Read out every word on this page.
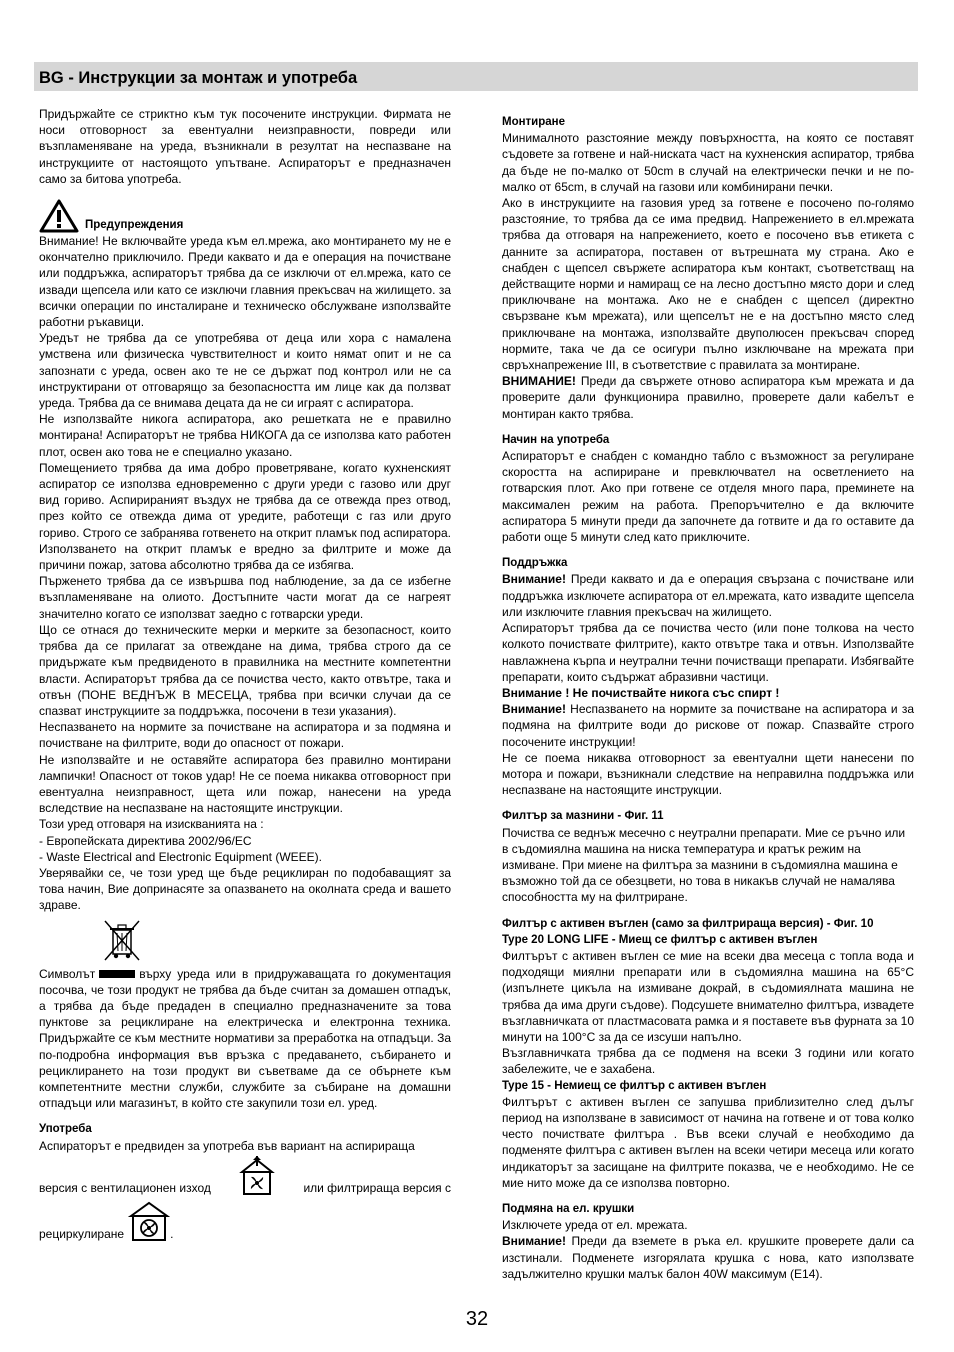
BG - Инструкции за монтаж и употреба

Придържайте се стриктно към тук посочените инструкции. Фирмата не носи отговорност за евентуални неизправности, повреди или възпламеняване на уреда, възникнали в резултат на неспазване на инструкциите от настоящото упътване. Аспираторът е предназначен само за битова употреба.

Предупреждения

Внимание! Не включвайте уреда към ел.мрежа, ако монтирането му не е окончателно приключило. Преди каквато и да е операция на почистване или поддръжка, аспираторът трябва да се изключи от ел.мрежа, като се извади щепсела или като се изключи главния прекъсвач на жилището. за всички операции по инсталиране и техническо обслужване използвайте работни ръкавици.

Уредът не трябва да се употребява от деца или хора с намалена умствена или физическа чувствителност и които нямат опит и не са запознати с уреда, освен ако те не се държат под контрол или не са инструктирани от отговарящо за безопасността им лице как да ползват уреда. Трябва да се внимава децата да не си играят с аспиратора.

Не използвайте никога аспиратора, ако решетката не е правилно монтирана! Аспираторът не трябва НИКОГА да се използва като работен плот, освен ако това не е специално указано.

Помещението трябва да има добро проветряване, когато кухненският аспиратор се използва едновременно с други уреди с газово или друг вид гориво. Аспирираният въздух не трябва да се отвежда през отвод, през който се отвежда дима от уредите, работещи с газ или друго гориво. Строго се забранява готвенето на открит пламък под аспиратора. Използването на открит пламък е вредно за филтрите и може да причини пожар, затова абсолютно трябва да се избягва.

Пърженето трябва да се извършва под наблюдение, за да се избегне възпламеняване на олиото. Достъпните части могат да се нагреят значително когато се използват заедно с готварски уреди.

Що се отнася до техническите мерки и мерките за безопасност, които трябва да се прилагат за отвеждане на дима, трябва строго да се придържате към предвиденото в правилника на местните компетентни власти. Аспираторът трябва да се почиства често, както отвътре, така и отвън (ПОНЕ ВЕДНЪЖ В МЕСЕЦА, трябва при всички случаи да се спазват инструкциите за поддръжка, посочени в тези указания).

Неспазването на нормите за почистване на аспиратора и за подмяна и почистване на филтрите, води до опасност от пожари.

Не използвайте и не оставяйте аспиратора без правилно монтирани лампички! Опасност от токов удар! Не се поема никаква отговорност при евентуална неизправност, щета или пожар, нанесени на уреда вследствие на неспазване на настоящите инструкции.

Този уред отговаря на изискванията на :

- Европейската директива 2002/96/EC

- Waste Electrical and Electronic Equipment (WEEE).

Уверявайки се, че този уред ще бъде рециклиран по подобаващият за това начин, Вие допринасяте за опазването на околната среда и вашето здраве.

Символът	върху уреда или в придружаващата го документация посочва, че този продукт не трябва да бъде считан за домашен отпадък, а трябва да бъде предаден в специално предназначените за това пунктове за рециклиране на електрическа и електронна техника. Придържайте се към местните нормативи за преработка на отпадъци. За по-подробна информация във връзка с предаването, събирането и рециклирането на този продукт ви съветваме да се обърнете към компетентните местни служби, службите за събиране на домашни отпадъци или магазинът, в който сте закупили този ел. уред.

Употреба

Аспираторът е предвиден за употреба във вариант на аспирираща

версия с вентилационен изход	или филтрираща версия с
рециркулиране	.

Монтиране

Минималното разстояние между повърхността, на която се поставят съдовете за готвене и най-ниската част на кухненския аспиратор, трябва да бъде не по-малко от 50cm в случай на електрически печки и не по-малко от 65cm, в случай на газови или комбинирани печки.

Ако в инструкциите на газовия уред за готвене е посочено по-голямо разстояние, то трябва да се има предвид. Напрежението в ел.мрежата трябва да отговаря на напрежението, което е посочено във етикета с данните за аспиратора, поставен от вътрешната му страна. Ако е снабден с щепсел свържете аспиратора към контакт, съответстващ на действащите норми и намиращ се на лесно достъпно място дори и след приключване на монтажа. Ако не е снабден с щепсел (директно свързване към мрежата), или щепселът не е на достъпно място след приключване на монтажа, използвайте двуполюсен прекъсвач според нормите, така че да се осигури пълно изключване на мрежата при свръхнапрежение III, в съответствие с правилата за монтиране.

ВНИМАНИЕ! Преди да свържете отново аспиратора към мрежата и да проверите дали функционира правилно, проверете дали кабелът е монтиран както трябва.

Начин на употреба

Аспираторът е снабден с командно табло с възможност за регулиране скоростта на аспириране и превключвател на осветлението на готварския плот. Ако при готвене се отделя много пара, преминете на максимален режим на работа. Препоръчително е да включите аспиратора 5 минути преди да започнете да готвите и да го оставите да работи още 5 минути след като приключите.

Поддръжка

Внимание! Преди каквато и да е операция свързана с почистване или поддръжка изключете аспиратора от ел.мрежата, като извадите щепсела или изключите главния прекъсвач на жилището.

Аспираторът трябва да се почиства често (или поне толкова на често колкото почиствате филтрите), както отвътре така и отвън. Използвайте навлажнена кърпа и неутрални течни почистващи препарати. Избягвайте препарати, които съдържат абразивни частици.

Внимание ! Не почиствайте никога със спирт !

Внимание! Неспазването на нормите за почистване на аспиратора и за подмяна на филтрите води до рискове от пожар. Спазвайте строго посочените инструкции!

Не се поема никаква отговорност за евентуални щети нанесени по мотора и пожари, възникнали следствие на неправилна поддръжка или неспазване на настоящите инструкции.

Филтър за мазнини - Фиг. 11

Почиства се веднъж месечно с неутрални препарати. Мие се ръчно или в съдомиялна машина на ниска температура и кратък режим на измиване. При миене на филтъра за мазнини в съдомиялна машина е възможно той да се обезцвети, но това в никакъв случай не намалява способността му на филтриране.

Филтър с активен въглен (само за филтрираща версия) - Фиг. 10

Type 20 LONG LIFE - Миещ се филтър с активен въглен

Филтърът с активен въглен се мие на всеки два месеца с топла вода и подходящи миялни препарати или в съдомиялна машина на 65°C (изпълнете цикъла на измиване докрай, в съдомиялната машина не трябва да има други съдове). Подсушете внимателно филтъра, извадете възглавничката от пластмасовата рамка и я поставете във фурната за 10 минути на 100°C за да се изсуши напълно.

Възглавничката трябва да се подменя на всеки 3 години или когато забележите, че е захабена.

Type 15 - Немиещ се филтър с активен въглен

Филтърът с активен въглен се запушва приблизително след дълъг период на използване в зависимост от начина на готвене и от това колко често почиствате филтъра . Във всеки случай е необходимо да подменяте филтъра с активен въглен на всеки четири месеца или когато индикаторът за засищане на филтрите показва, че е необходимо. Не се мие нито може да се използва повторно.

Подмяна на ел. крушки

Изключете уреда от ел. мрежата.

Внимание! Преди да вземете в ръка ел. крушките проверете дали са изстинали. Подменете изгорялата крушка с нова, като използвате задължително крушки малък балон 40W максимум (E14).

32
